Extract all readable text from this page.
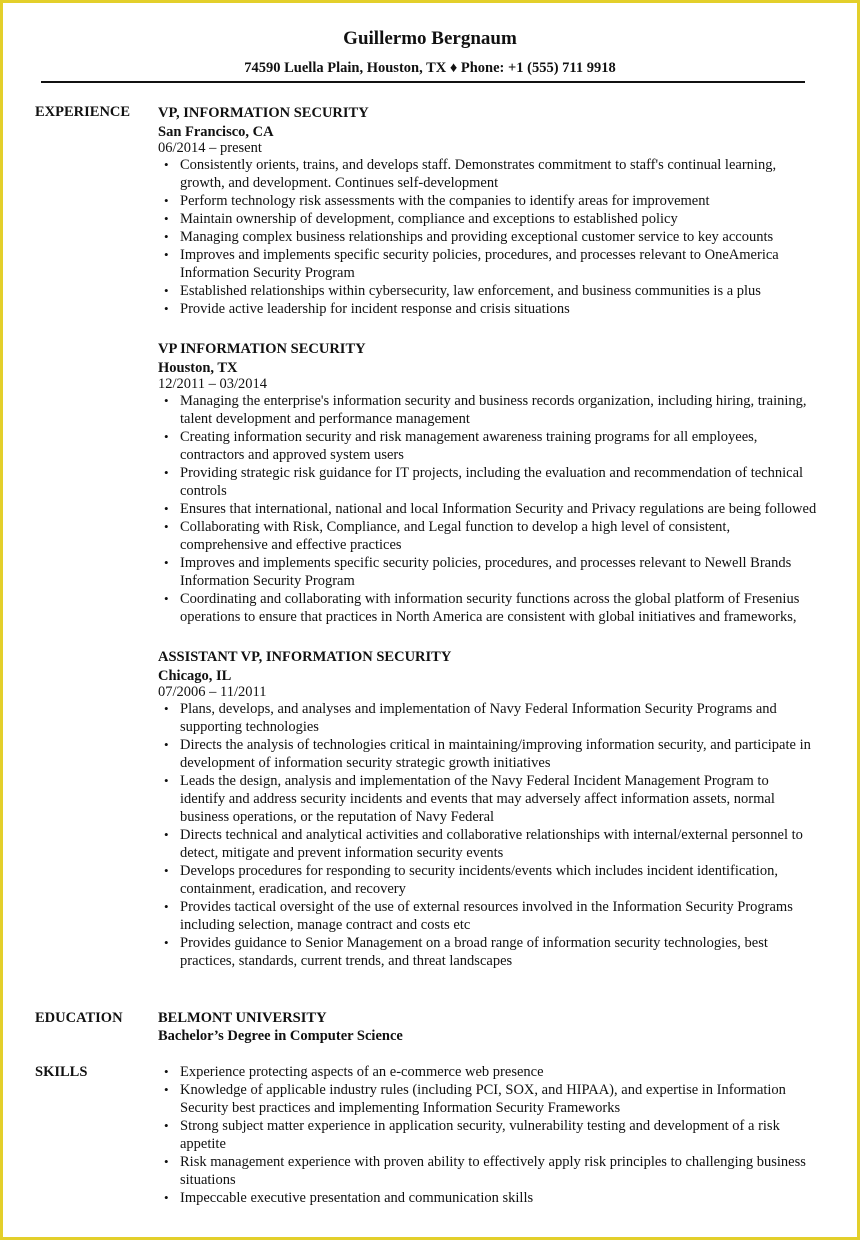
Guillermo Bergnaum
74590 Luella Plain, Houston, TX ♦ Phone: +1 (555) 711 9918
EXPERIENCE	VP, INFORMATION SECURITY
San Francisco, CA
06/2014 – present
• Consistently orients, trains, and develops staff. Demonstrates commitment to staff's continual learning, growth, and development. Continues self-development
• Perform technology risk assessments with the companies to identify areas for improvement
• Maintain ownership of development, compliance and exceptions to established policy
• Managing complex business relationships and providing exceptional customer service to key accounts
• Improves and implements specific security policies, procedures, and processes relevant to OneAmerica Information Security Program
• Established relationships within cybersecurity, law enforcement, and business communities is a plus
• Provide active leadership for incident response and crisis situations
VP INFORMATION SECURITY
Houston, TX
12/2011 – 03/2014
• Managing the enterprise's information security and business records organization, including hiring, training, talent development and performance management
• Creating information security and risk management awareness training programs for all employees, contractors and approved system users
• Providing strategic risk guidance for IT projects, including the evaluation and recommendation of technical controls
• Ensures that international, national and local Information Security and Privacy regulations are being followed
• Collaborating with Risk, Compliance, and Legal function to develop a high level of consistent, comprehensive and effective practices
• Improves and implements specific security policies, procedures, and processes relevant to Newell Brands Information Security Program
• Coordinating and collaborating with information security functions across the global platform of Fresenius operations to ensure that practices in North America are consistent with global initiatives and frameworks,
ASSISTANT VP, INFORMATION SECURITY
Chicago, IL
07/2006 – 11/2011
• Plans, develops, and analyses and implementation of Navy Federal Information Security Programs and supporting technologies
• Directs the analysis of technologies critical in maintaining/improving information security, and participate in development of information security strategic growth initiatives
• Leads the design, analysis and implementation of the Navy Federal Incident Management Program to identify and address security incidents and events that may adversely affect information assets, normal business operations, or the reputation of Navy Federal
• Directs technical and analytical activities and collaborative relationships with internal/external personnel to detect, mitigate and prevent information security events
• Develops procedures for responding to security incidents/events which includes incident identification, containment, eradication, and recovery
• Provides tactical oversight of the use of external resources involved in the Information Security Programs including selection, manage contract and costs etc
• Provides guidance to Senior Management on a broad range of information security technologies, best practices, standards, current trends, and threat landscapes
EDUCATION	BELMONT UNIVERSITY
Bachelor’s Degree in Computer Science
SKILLS
•	Experience protecting aspects of an e-commerce web presence
• Knowledge of applicable industry rules (including PCI, SOX, and HIPAA), and expertise in Information Security best practices and implementing Information Security Frameworks
• Strong subject matter experience in application security, vulnerability testing and development of a risk appetite
• Risk management experience with proven ability to effectively apply risk principles to challenging business situations
• Impeccable executive presentation and communication skills
